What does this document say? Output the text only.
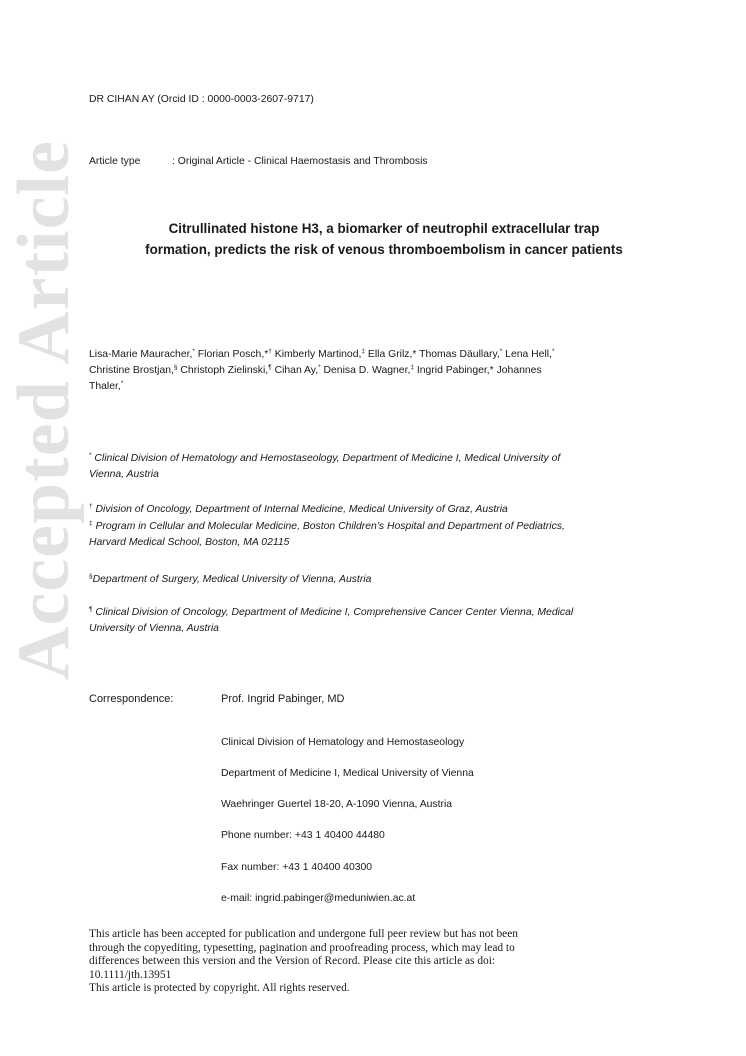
Accepted Article
DR CIHAN AY (Orcid ID : 0000-0003-2607-9717)
Article type	: Original Article - Clinical Haemostasis and Thrombosis
Citrullinated histone H3, a biomarker of neutrophil extracellular trap
formation, predicts the risk of venous thromboembolism in cancer patients
Lisa-Marie Mauracher,* Florian Posch,*† Kimberly Martinod,‡ Ella Grilz,* Thomas Däullary,* Lena Hell,*
Christine Brostjan,§ Christoph Zielinski,¶ Cihan Ay,* Denisa D. Wagner,‡ Ingrid Pabinger,* Johannes
Thaler,*
* Clinical Division of Hematology and Hemostaseology, Department of Medicine I, Medical University of
Vienna, Austria
† Division of Oncology, Department of Internal Medicine, Medical University of Graz, Austria
‡ Program in Cellular and Molecular Medicine, Boston Children’s Hospital and Department of Pediatrics,
Harvard Medical School, Boston, MA 02115
§Department of Surgery, Medical University of Vienna, Austria
¶ Clinical Division of Oncology, Department of Medicine I, Comprehensive Cancer Center Vienna, Medical
University of Vienna, Austria
Correspondence:	Prof. Ingrid Pabinger, MD
Clinical Division of Hematology and Hemostaseology
Department of Medicine I, Medical University of Vienna
Waehringer Guertel 18-20, A-1090 Vienna, Austria
Phone number: +43 1 40400 44480
Fax number: +43 1 40400 40300
e-mail: ingrid.pabinger@meduniwien.ac.at
This article has been accepted for publication and undergone full peer review but has not been
through the copyediting, typesetting, pagination and proofreading process, which may lead to
differences between this version and the Version of Record. Please cite this article as doi:
10.1111/jth.13951
This article is protected by copyright. All rights reserved.
